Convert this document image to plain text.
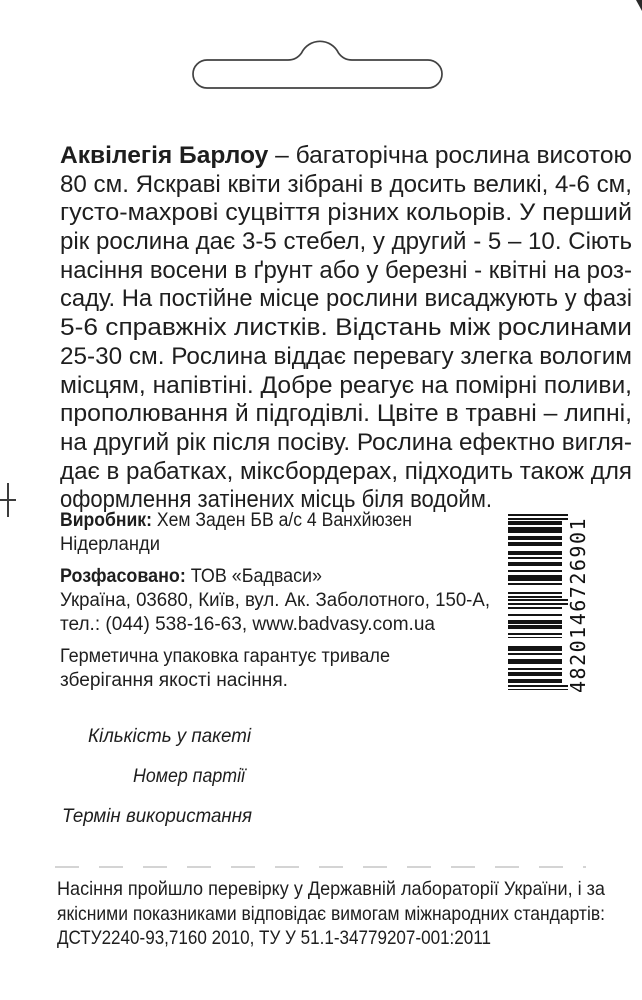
Аквілегія Барлоу – багаторічна рослина висотою
80 см. Яскраві квіти зібрані в досить великі, 4-6 см,
густо-махрові суцвіття різних кольорів. У перший
рік рослина дає 3-5 стебел, у другий - 5 – 10. Сіють
насіння восени в ґрунт або у березні - квітні на роз-
саду. На постійне місце рослини висаджують у фазі
5-6 справжніх листків. Відстань між рослинами
25-30 см. Рослина віддає перевагу злегка вологим
місцям, напівтіні. Добре реагує на помірні поливи,
прополювання й підгодівлі. Цвіте в травні – липні,
на другий рік після посіву. Рослина ефектно вигля-
дає в рабатках, міксбордерах, підходить також для
оформлення затінених місць біля водойм.
Виробник: Хем Заден БВ а/с 4 Ванхйюзен
Нідерланди
Розфасовано: ТОВ «Бадваси»
Україна, 03680, Київ, вул. Ак. Заболотного, 150-А,
тел.: (044) 538-16-63, www.badvasy.com.ua
Герметична упаковка гарантує тривале
зберігання якості насіння.	4820146726901
Кількість у пакеті
Номер партії
Термін використання
Насіння пройшло перевірку у Державній лабораторії України, і за
якісними показниками відповідає вимогам міжнародних стандартів:
ДСТУ2240-93,7160 2010, ТУ У 51.1-34779207-001:2011
